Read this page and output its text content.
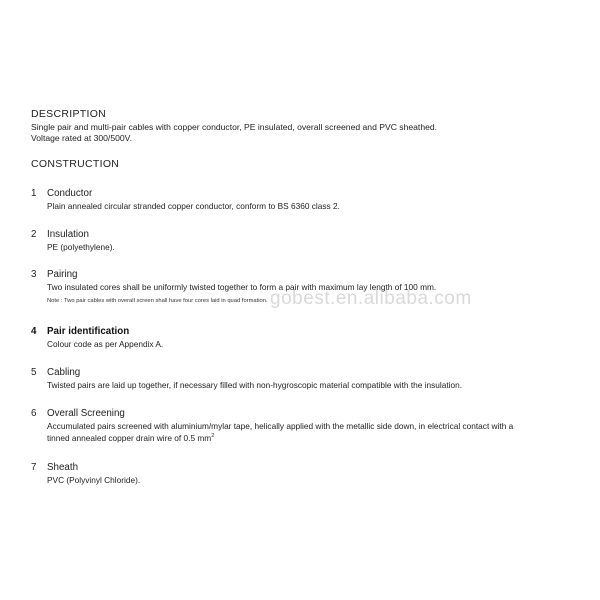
DESCRIPTION
Single pair and multi-pair cables with copper conductor, PE insulated, overall screened and PVC sheathed.
Voltage rated at 300/500V.
CONSTRUCTION
1 Conductor
Plain annealed circular stranded copper conductor, conform to BS 6360 class 2.
2 Insulation
PE (polyethylene).
3 Pairing
Two insulated cores shall be uniformly twisted together to form a pair with maximum lay length of 100 mm.
Note : Two pair cables with overall screen shall have four cores laid in quad formation.
4 Pair identification
Colour code as per Appendix A.
5 Cabling
Twisted pairs are laid up together, if necessary filled with non-hygroscopic material compatible with the insulation.
6 Overall Screening
Accumulated pairs screened with aluminium/mylar tape, helically applied with the metallic side down, in electrical contact with a
tinned annealed copper drain wire of 0.5 $mm^2$
7 Sheath
PVC (Polyvinyl Chloride).
gobest.en.alibaba.com
